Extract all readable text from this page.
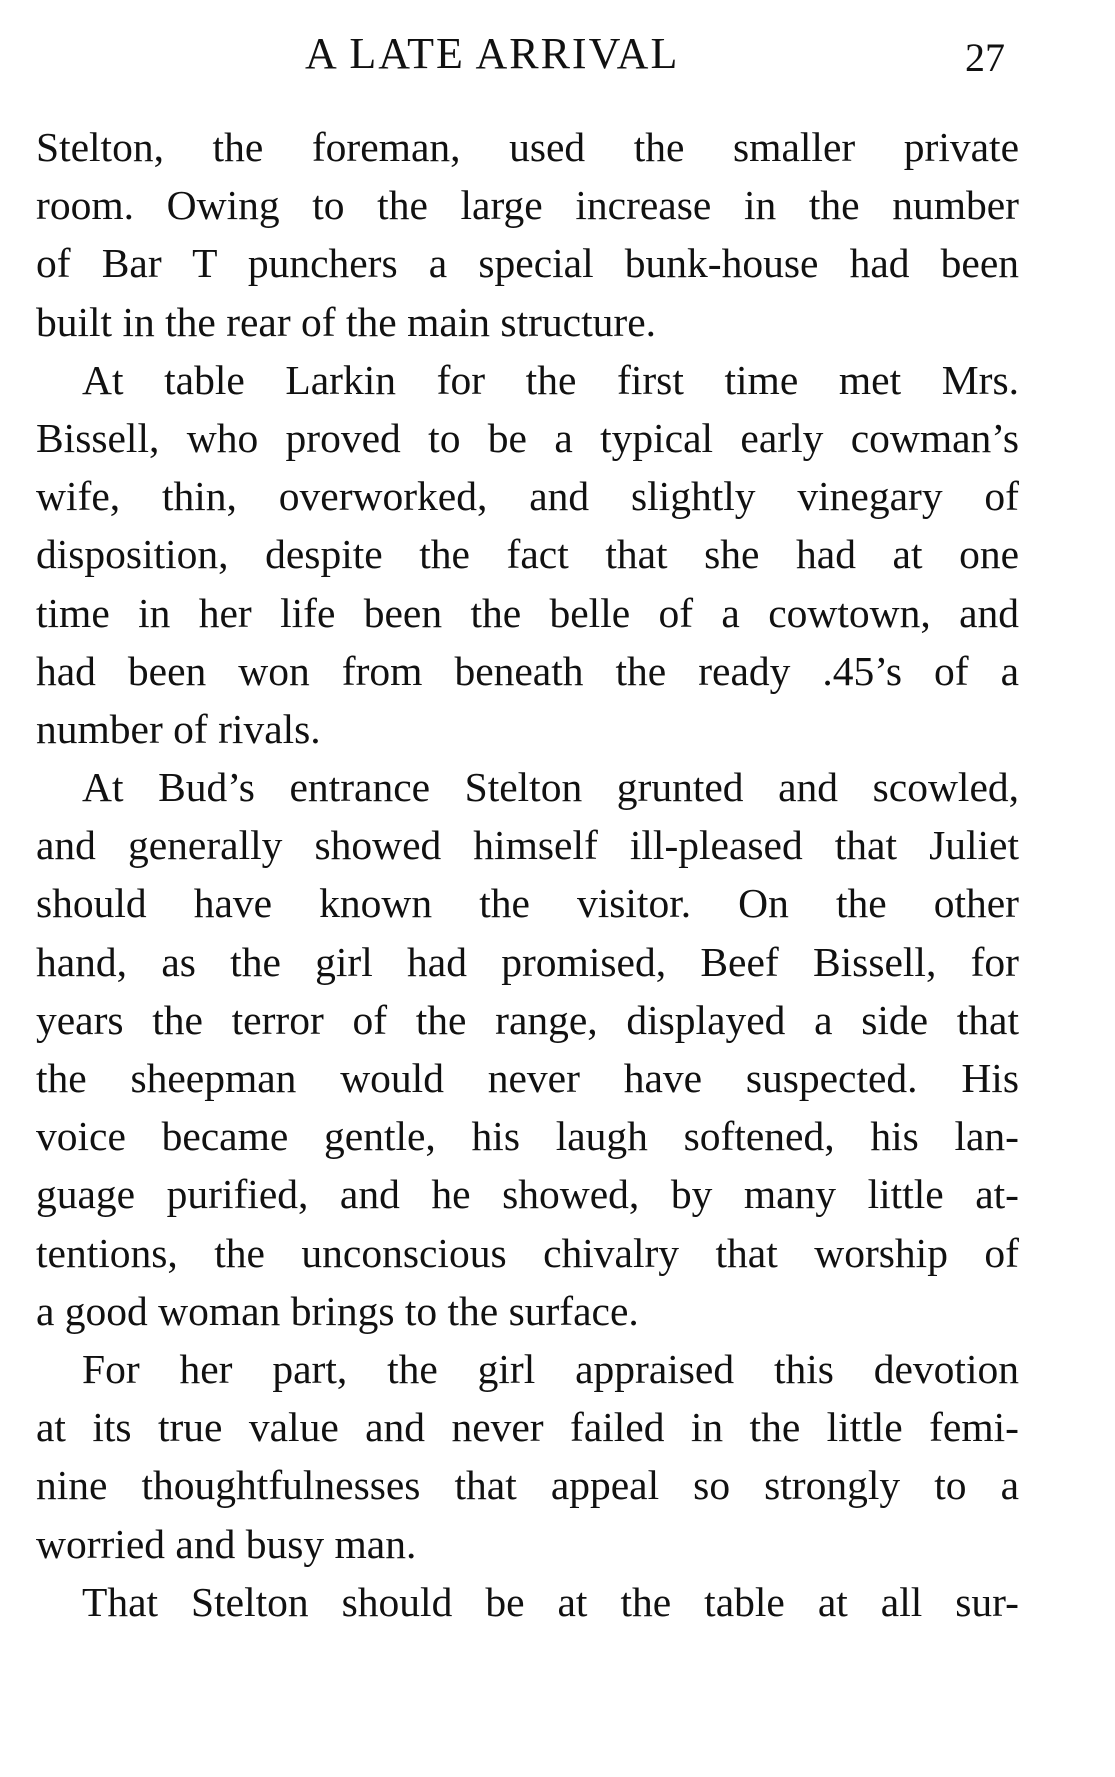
A LATE ARRIVAL	27
Stelton, the foreman, used the smaller private
room. Owing to the large increase in the number
of Bar T punchers a special bunk-house had been
built in the rear of the main structure.
At table Larkin for the first time met Mrs.
Bissell, who proved to be a typical early cowman’s
wife, thin, overworked, and slightly vinegary of
disposition, despite the fact that she had at one
time in her life been the belle of a cowtown, and
had been won from beneath the ready .45’s of a
number of rivals.
At Bud’s entrance Stelton grunted and scowled,
and generally showed himself ill-pleased that Juliet
should have known the visitor. On the other
hand, as the girl had promised, Beef Bissell, for
years the terror of the range, displayed a side that
the sheepman would never have suspected. His
voice became gentle, his laugh softened, his lan-
guage purified, and he showed, by many little at-
tentions, the unconscious chivalry that worship of
a good woman brings to the surface.
For her part, the girl appraised this devotion
at its true value and never failed in the little femi-
nine thoughtfulnesses that appeal so strongly to a
worried and busy man.
That Stelton should be at the table at all sur-
